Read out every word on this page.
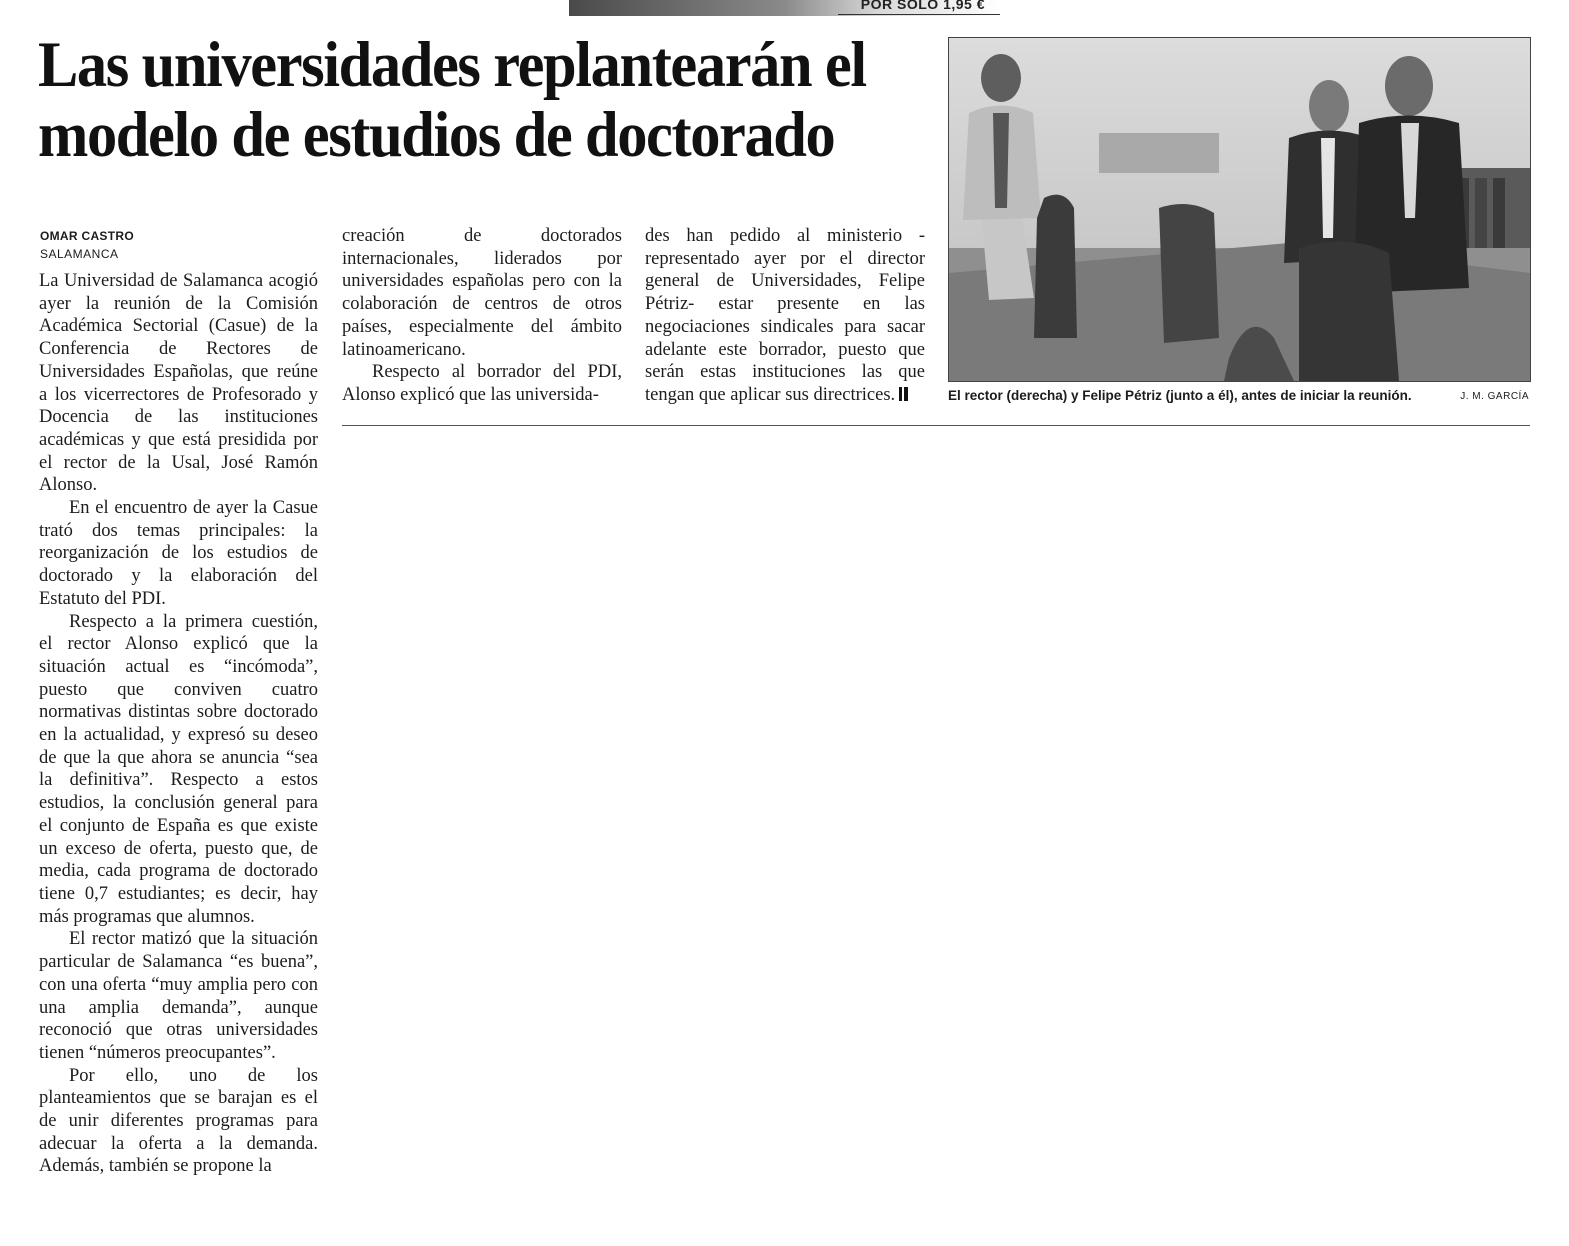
POR SOLO 1,95 €
Las universidades replantearán el modelo de estudios de doctorado
OMAR CASTRO
SALAMANCA

La Universidad de Salamanca acogió ayer la reunión de la Comisión Académica Sectorial (Casue) de la Conferencia de Rectores de Universidades Españolas, que reúne a los vicerrectores de Profesorado y Docencia de las instituciones académicas y que está presidida por el rector de la Usal, José Ramón Alonso.

En el encuentro de ayer la Casue trató dos temas principales: la reorganización de los estudios de doctorado y la elaboración del Estatuto del PDI.

Respecto a la primera cuestión, el rector Alonso explicó que la situación actual es “incómoda”, puesto que conviven cuatro normativas distintas sobre doctorado en la actualidad, y expresó su deseo de que la que ahora se anuncia “sea la definitiva”. Respecto a estos estudios, la conclusión general para el conjunto de España es que existe un exceso de oferta, puesto que, de media, cada programa de doctorado tiene 0,7 estudiantes; es decir, hay más programas que alumnos.

El rector matizó que la situación particular de Salamanca “es buena”, con una oferta “muy amplia pero con una amplia demanda”, aunque reconoció que otras universidades tienen “números preocupantes”.

Por ello, uno de los planteamientos que se barajan es el de unir diferentes programas para adecuar la oferta a la demanda. Además, también se propone la

creación de doctorados internacionales, liderados por universidades españolas pero con la colaboración de centros de otros países, especialmente del ámbito latinoamericano.

Respecto al borrador del PDI, Alonso explicó que las universida-

des han pedido al ministerio -representado ayer por el director general de Universidades, Felipe Pétriz- estar presente en las negociaciones sindicales para sacar adelante este borrador, puesto que serán estas instituciones las que tengan que aplicar sus directrices.	El rector (derecha) y Felipe Pétriz (junto a él), antes de iniciar la reunión.	J. M. GARCÍA
